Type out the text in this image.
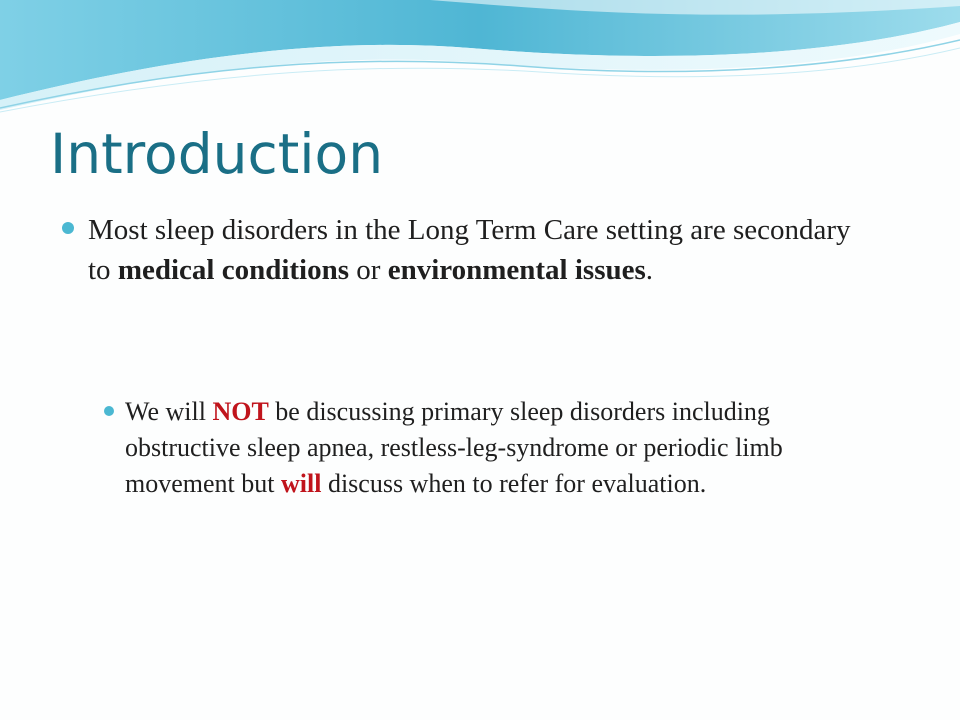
Introduction
Most sleep disorders in the Long Term Care setting are secondary to medical conditions or environmental issues.
We will NOT be discussing primary sleep disorders including obstructive sleep apnea, restless-leg-syndrome or periodic limb movement but will discuss when to refer for evaluation.
